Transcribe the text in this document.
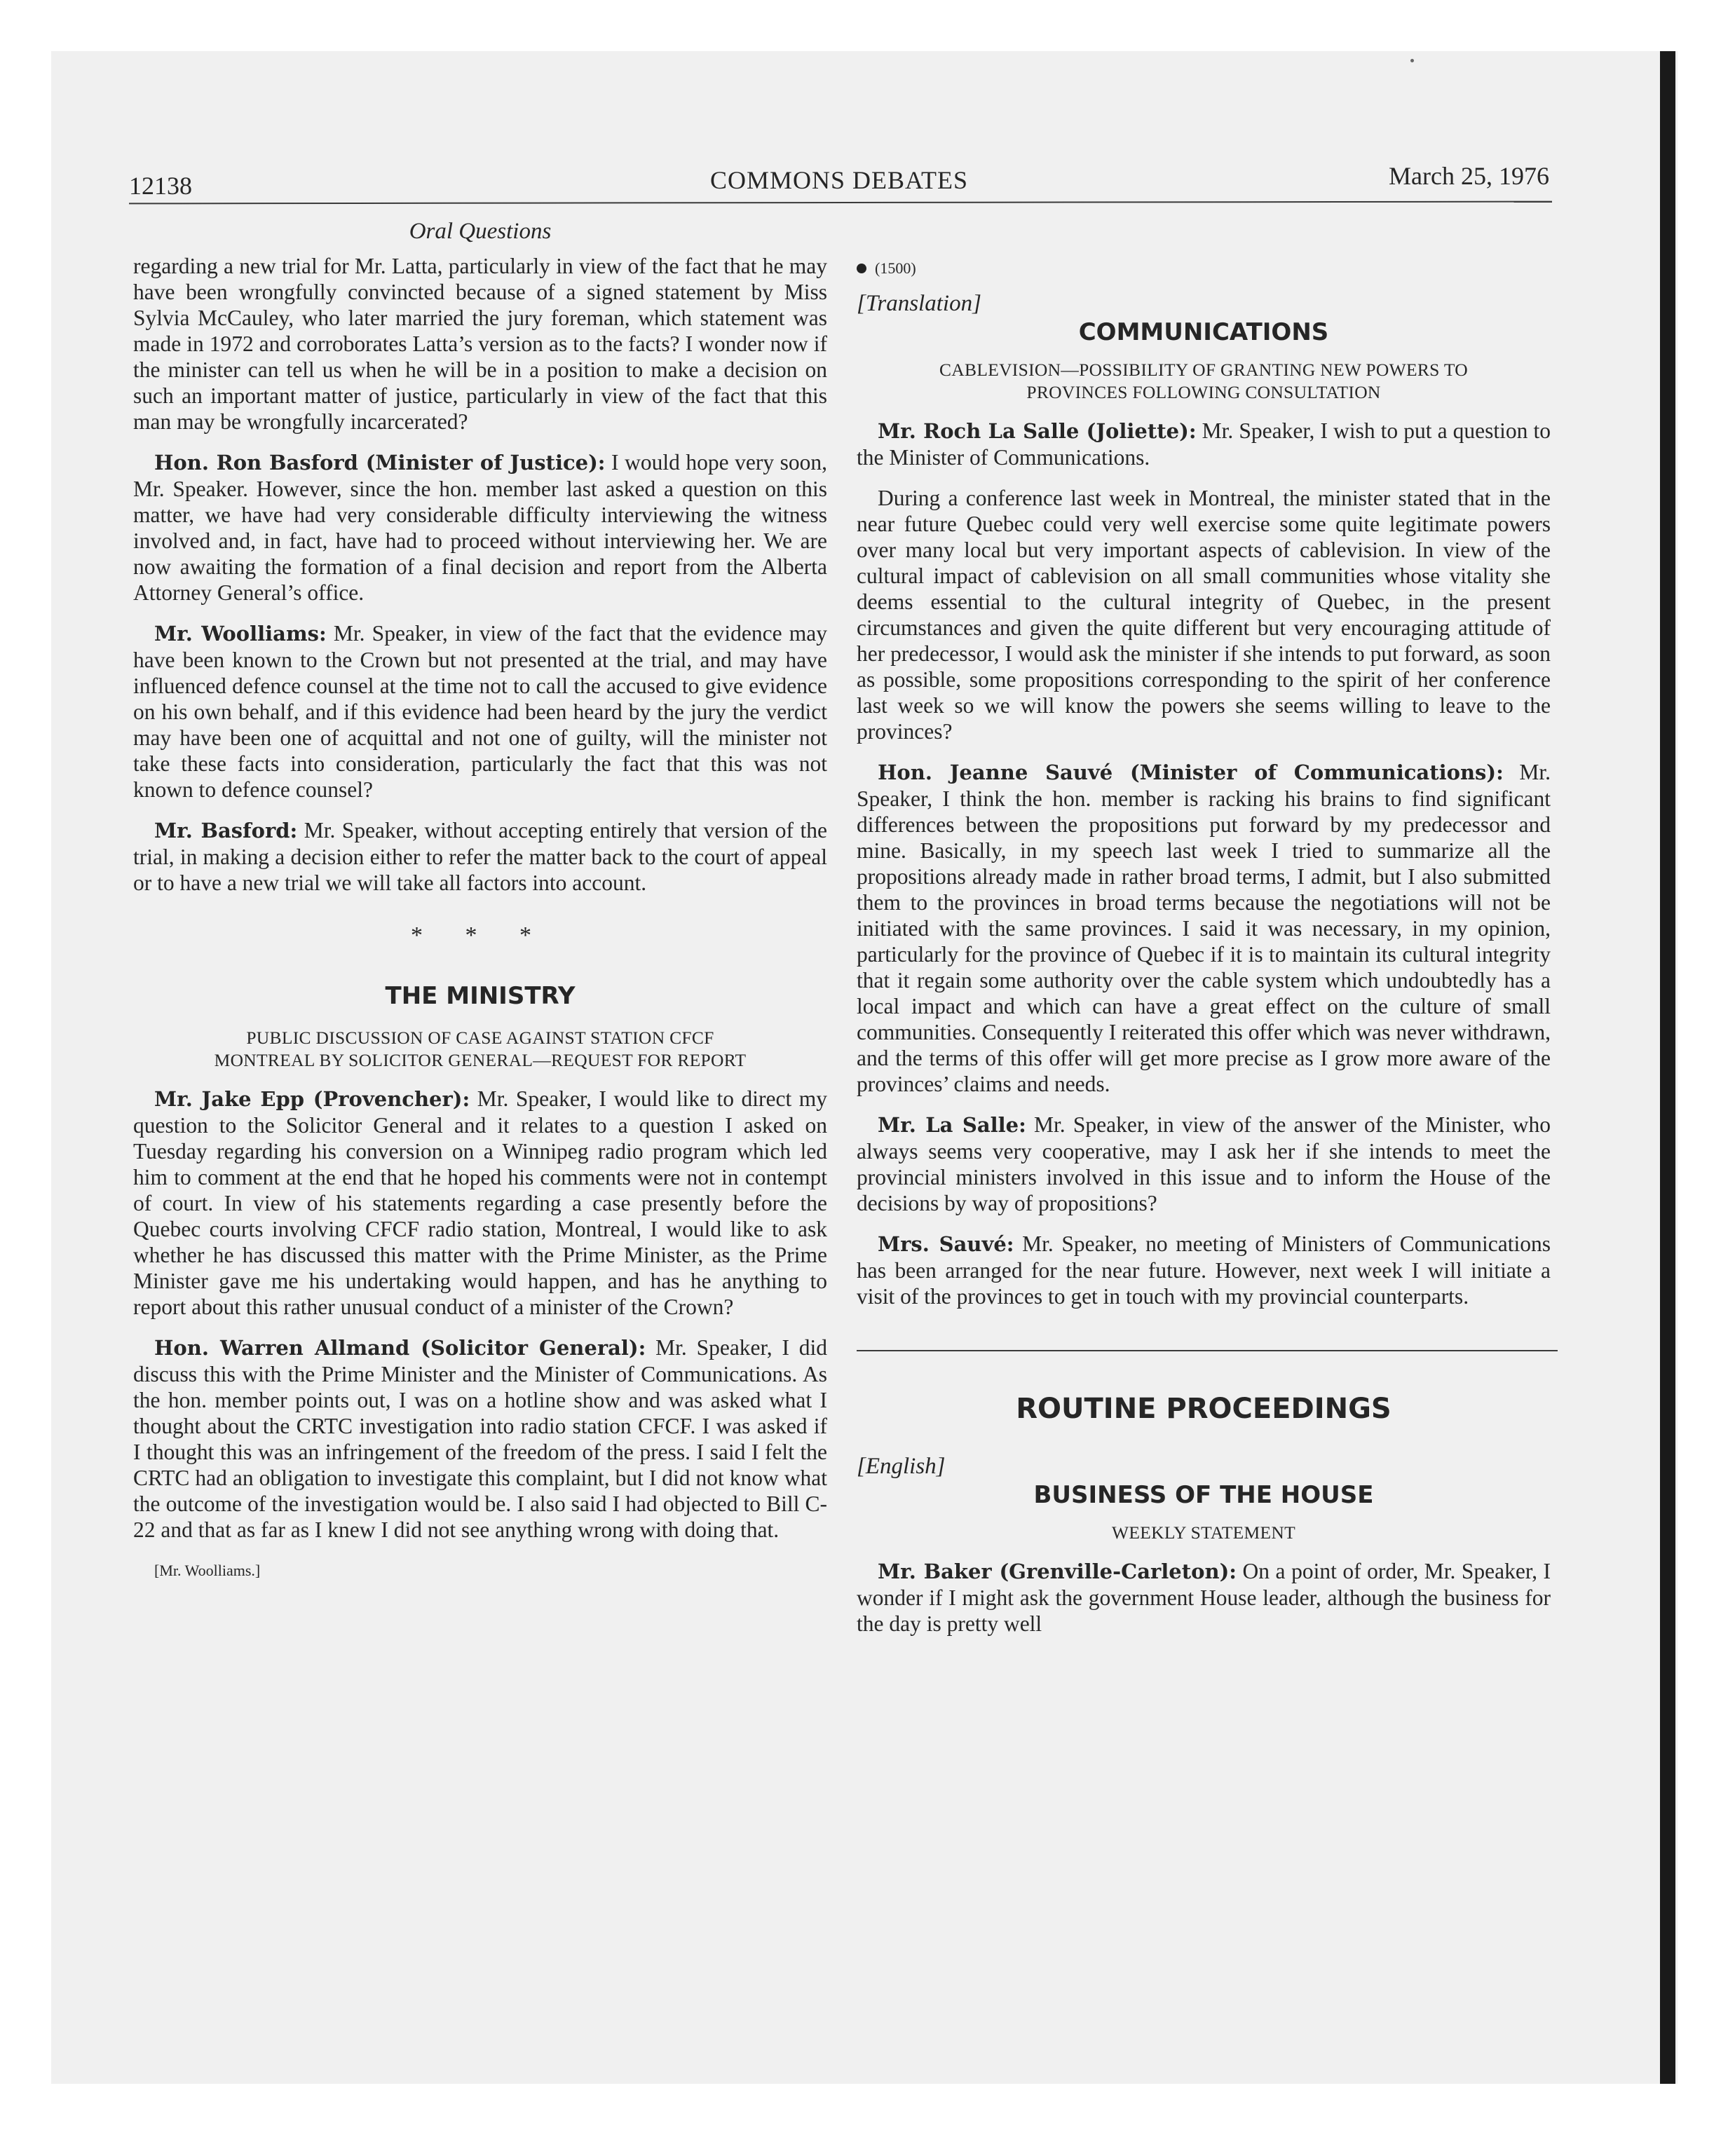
12138	COMMONS DEBATES	March 25, 1976
Oral Questions

regarding a new trial for Mr. Latta, particularly in view of the fact that he may have been wrongfully convincted because of a signed statement by Miss Sylvia McCauley, who later married the jury foreman, which statement was made in 1972 and corroborates Latta’s version as to the facts? I wonder now if the minister can tell us when he will be in a position to make a decision on such an important matter of justice, particularly in view of the fact that this man may be wrongfully incarcerated?

Hon. Ron Basford (Minister of Justice): I would hope very soon, Mr. Speaker. However, since the hon. member last asked a question on this matter, we have had very considerable difficulty interviewing the witness involved and, in fact, have had to proceed without interviewing her. We are now awaiting the formation of a final decision and report from the Alberta Attorney General’s office.

Mr. Woolliams: Mr. Speaker, in view of the fact that the evidence may have been known to the Crown but not presented at the trial, and may have influenced defence counsel at the time not to call the accused to give evidence on his own behalf, and if this evidence had been heard by the jury the verdict may have been one of acquittal and not one of guilty, will the minister not take these facts into consideration, particularly the fact that this was not known to defence counsel?

Mr. Basford: Mr. Speaker, without accepting entirely that version of the trial, in making a decision either to refer the matter back to the court of appeal or to have a new trial we will take all factors into account.

* * *
THE MINISTRY
PUBLIC DISCUSSION OF CASE AGAINST STATION CFCF
MONTREAL BY SOLICITOR GENERAL—REQUEST FOR REPORT

Mr. Jake Epp (Provencher): Mr. Speaker, I would like to direct my question to the Solicitor General and it relates to a question I asked on Tuesday regarding his conversion on a Winnipeg radio program which led him to comment at the end that he hoped his comments were not in contempt of court. In view of his statements regarding a case presently before the Quebec courts involving CFCF radio station, Montreal, I would like to ask whether he has discussed this matter with the Prime Minister, as the Prime Minister gave me his undertaking would happen, and has he anything to report about this rather unusual conduct of a minister of the Crown?

Hon. Warren Allmand (Solicitor General): Mr. Speaker, I did discuss this with the Prime Minister and the Minister of Communications. As the hon. member points out, I was on a hotline show and was asked what I thought about the CRTC investigation into radio station CFCF. I was asked if I thought this was an infringement of the freedom of the press. I said I felt the CRTC had an obligation to investigate this complaint, but I did not know what the outcome of the investigation would be. I also said I had objected to Bill C-22 and that as far as I knew I did not see anything wrong with doing that.

[Mr. Woolliams.]
(1500)
[Translation]
COMMUNICATIONS
CABLEVISION—POSSIBILITY OF GRANTING NEW POWERS TO
PROVINCES FOLLOWING CONSULTATION

Mr. Roch La Salle (Joliette): Mr. Speaker, I wish to put a question to the Minister of Communications.

During a conference last week in Montreal, the minister stated that in the near future Quebec could very well exercise some quite legitimate powers over many local but very important aspects of cablevision. In view of the cultural impact of cablevision on all small communities whose vitality she deems essential to the cultural integrity of Quebec, in the present circumstances and given the quite different but very encouraging attitude of her predecessor, I would ask the minister if she intends to put forward, as soon as possible, some propositions corresponding to the spirit of her conference last week so we will know the powers she seems willing to leave to the provinces?

Hon. Jeanne Sauvé (Minister of Communications): Mr. Speaker, I think the hon. member is racking his brains to find significant differences between the propositions put forward by my predecessor and mine. Basically, in my speech last week I tried to summarize all the propositions already made in rather broad terms, I admit, but I also submitted them to the provinces in broad terms because the negotiations will not be initiated with the same provinces. I said it was necessary, in my opinion, particularly for the province of Quebec if it is to maintain its cultural integrity that it regain some authority over the cable system which undoubtedly has a local impact and which can have a great effect on the culture of small communities. Consequently I reiterated this offer which was never withdrawn, and the terms of this offer will get more precise as I grow more aware of the provinces’ claims and needs.

Mr. La Salle: Mr. Speaker, in view of the answer of the Minister, who always seems very cooperative, may I ask her if she intends to meet the provincial ministers involved in this issue and to inform the House of the decisions by way of propositions?

Mrs. Sauvé: Mr. Speaker, no meeting of Ministers of Communications has been arranged for the near future. However, next week I will initiate a visit of the provinces to get in touch with my provincial counterparts.

ROUTINE PROCEEDINGS
[English]
BUSINESS OF THE HOUSE
WEEKLY STATEMENT

Mr. Baker (Grenville-Carleton): On a point of order, Mr. Speaker, I wonder if I might ask the government House leader, although the business for the day is pretty well
